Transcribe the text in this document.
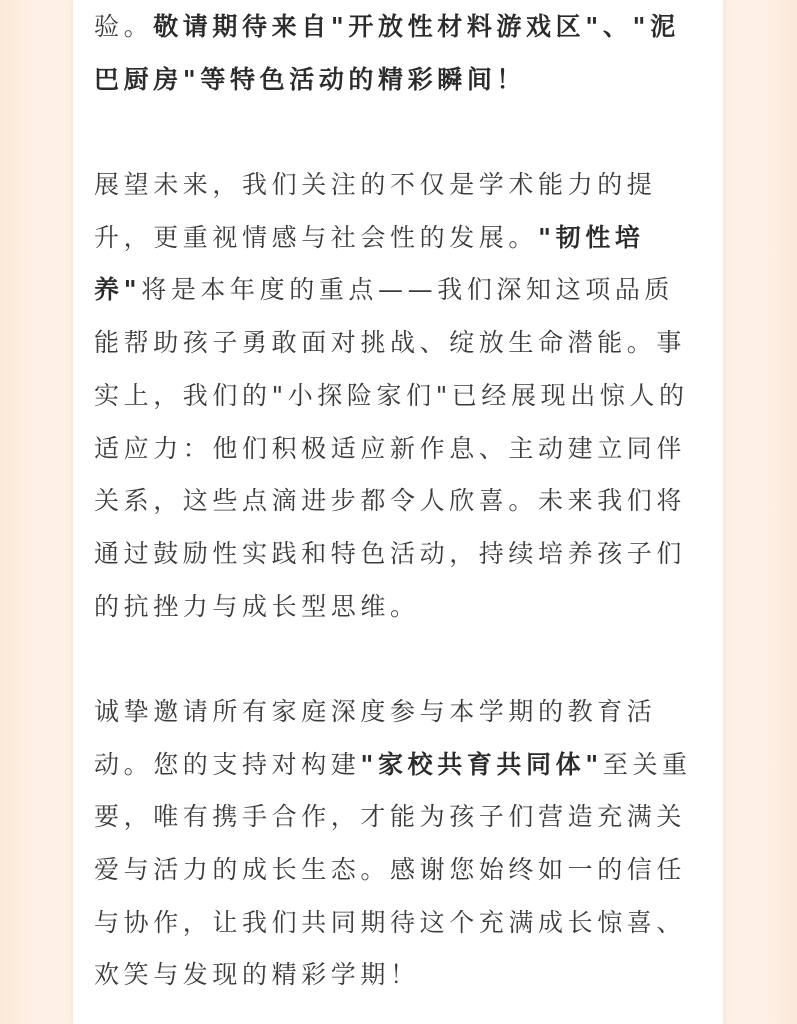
验。敬请期待来自"开放性材料游戏区"、"泥
巴厨房"等特色活动的精彩瞬间！
展望未来，我们关注的不仅是学术能力的提
升，更重视情感与社会性的发展。"韧性培
养"将是本年度的重点——我们深知这项品质
能帮助孩子勇敢面对挑战、绽放生命潜能。事
实上，我们的"小探险家们"已经展现出惊人的
适应力：他们积极适应新作息、主动建立同伴
关系，这些点滴进步都令人欣喜。未来我们将
通过鼓励性实践和特色活动，持续培养孩子们
的抗挫力与成长型思维。
诚挚邀请所有家庭深度参与本学期的教育活
动。您的支持对构建"家校共育共同体"至关重
要，唯有携手合作，才能为孩子们营造充满关
爱与活力的成长生态。感谢您始终如一的信任
与协作，让我们共同期待这个充满成长惊喜、
欢笑与发现的精彩学期！
